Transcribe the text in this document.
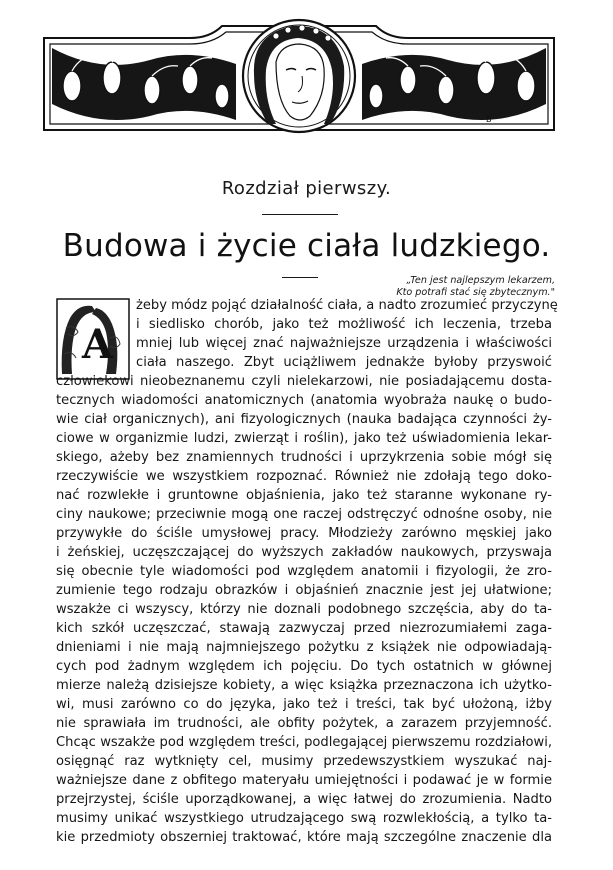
B
Rozdział pierwszy.
Budowa i życie ciała ludzkiego.
„Ten jest najlepszym lekarzem,
Kto potrafi stać się zbytecznym."
A
żeby módz pojąć działalność ciała, a nadto zrozumieć przyczynę
i siedlisko chorób, jako też możliwość ich leczenia, trzeba
mniej lub więcej znać najważniejsze urządzenia i właściwości
ciała naszego. Zbyt uciążliwem jednakże byłoby przyswoić
człowiekowi nieobeznanemu czyli nielekarzowi, nie posiadającemu dosta-
tecznych wiadomości anatomicznych (anatomia wyobraża naukę o budo-
wie ciał organicznych), ani fizyologicznych (nauka badająca czynności ży-
ciowe w organizmie ludzi, zwierząt i roślin), jako też uświadomienia lekar-
skiego, ażeby bez znamiennych trudności i uprzykrzenia sobie mógł się
rzeczywiście we wszystkiem rozpoznać. Również nie zdołają tego doko-
nać rozwlekłe i gruntowne objaśnienia, jako też staranne wykonane ry-
ciny naukowe; przeciwnie mogą one raczej odstręczyć odnośne osoby, nie
przywykłe do ściśle umysłowej pracy. Młodzieży zarówno męskiej jako
i żeńskiej, uczęszczającej do wyższych zakładów naukowych, przyswaja
się obecnie tyle wiadomości pod względem anatomii i fizyologii, że zro-
zumienie tego rodzaju obrazków i objaśnień znacznie jest jej ułatwione;
wszakże ci wszyscy, którzy nie doznali podobnego szczęścia, aby do ta-
kich szkół uczęszczać, stawają zazwyczaj przed niezrozumiałemi zaga-
dnieniami i nie mają najmniejszego pożytku z książek nie odpowiadają-
cych pod żadnym względem ich pojęciu. Do tych ostatnich w głównej
mierze należą dzisiejsze kobiety, a więc książka przeznaczona ich użytko-
wi, musi zarówno co do języka, jako też i treści, tak być ułożoną, iżby
nie sprawiała im trudności, ale obfity pożytek, a zarazem przyjemność.
Chcąc wszakże pod względem treści, podlegającej pierwszemu rozdziałowi,
osięgnąć raz wytknięty cel, musimy przedewszystkiem wyszukać naj-
ważniejsze dane z obfitego materyału umiejętności i podawać je w formie
przejrzystej, ściśle uporządkowanej, a więc łatwej do zrozumienia. Nadto
musimy unikać wszystkiego utrudzającego swą rozwlekłością, a tylko ta-
kie przedmioty obszerniej traktować, które mają szczególne znaczenie dla
